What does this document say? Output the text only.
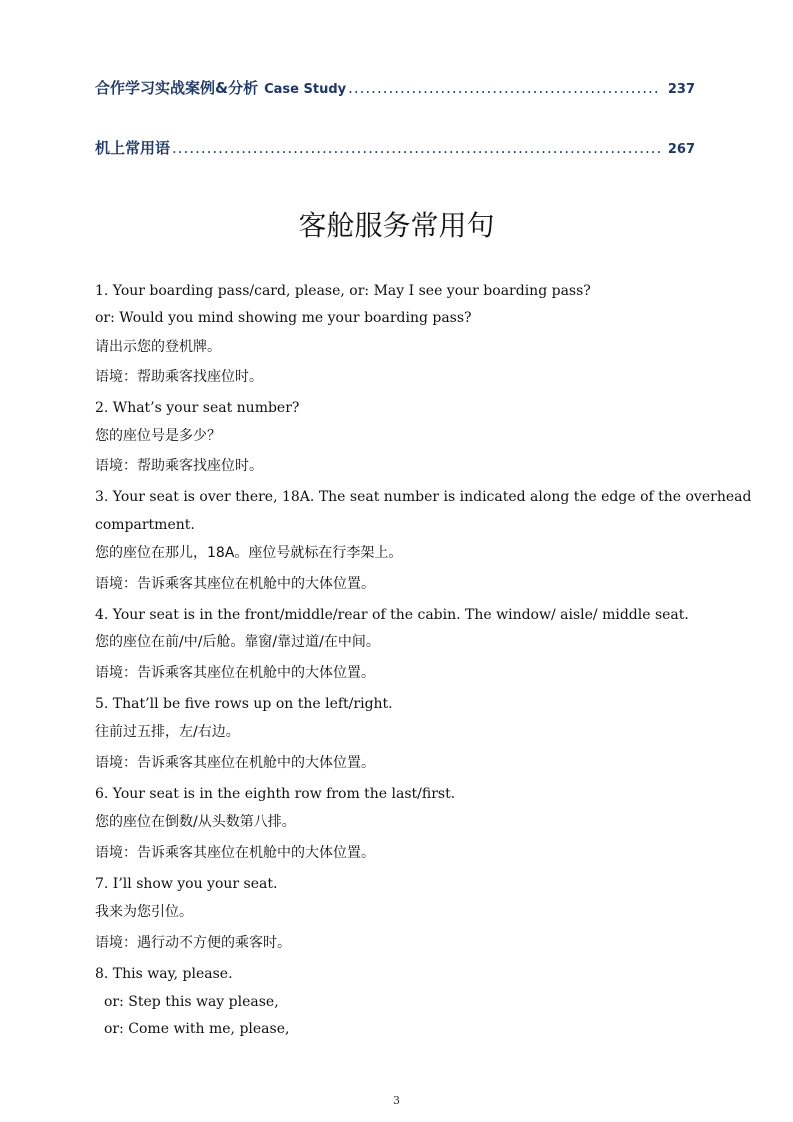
合作学习实战案例&分析 Case Study .....	237
机上常用语 .....	267
客舱服务常用句
1. Your boarding pass/card, please, or: May I see your boarding pass?
or: Would you mind showing me your boarding pass?
请出示您的登机牌。
语境：帮助乘客找座位时。
2. What’s your seat number?
您的座位号是多少？
语境：帮助乘客找座位时。
3. Your seat is over there, 18A. The seat number is indicated along the edge of the overhead
compartment.
您的座位在那儿，18A。座位号就标在行李架上。
语境：告诉乘客其座位在机舱中的大体位置。
4. Your seat is in the front/middle/rear of the cabin. The window/ aisle/ middle seat.
您的座位在前/中/后舱。靠窗/靠过道/在中间。
语境：告诉乘客其座位在机舱中的大体位置。
5. That’ll be five rows up on the left/right.
往前过五排，左/右边。
语境：告诉乘客其座位在机舱中的大体位置。
6. Your seat is in the eighth row from the last/first.
您的座位在倒数/从头数第八排。
语境：告诉乘客其座位在机舱中的大体位置。
7. I’ll show you your seat.
我来为您引位。
语境：遇行动不方便的乘客时。
8. This way, please.
or: Step this way please,
or: Come with me, please,
3
